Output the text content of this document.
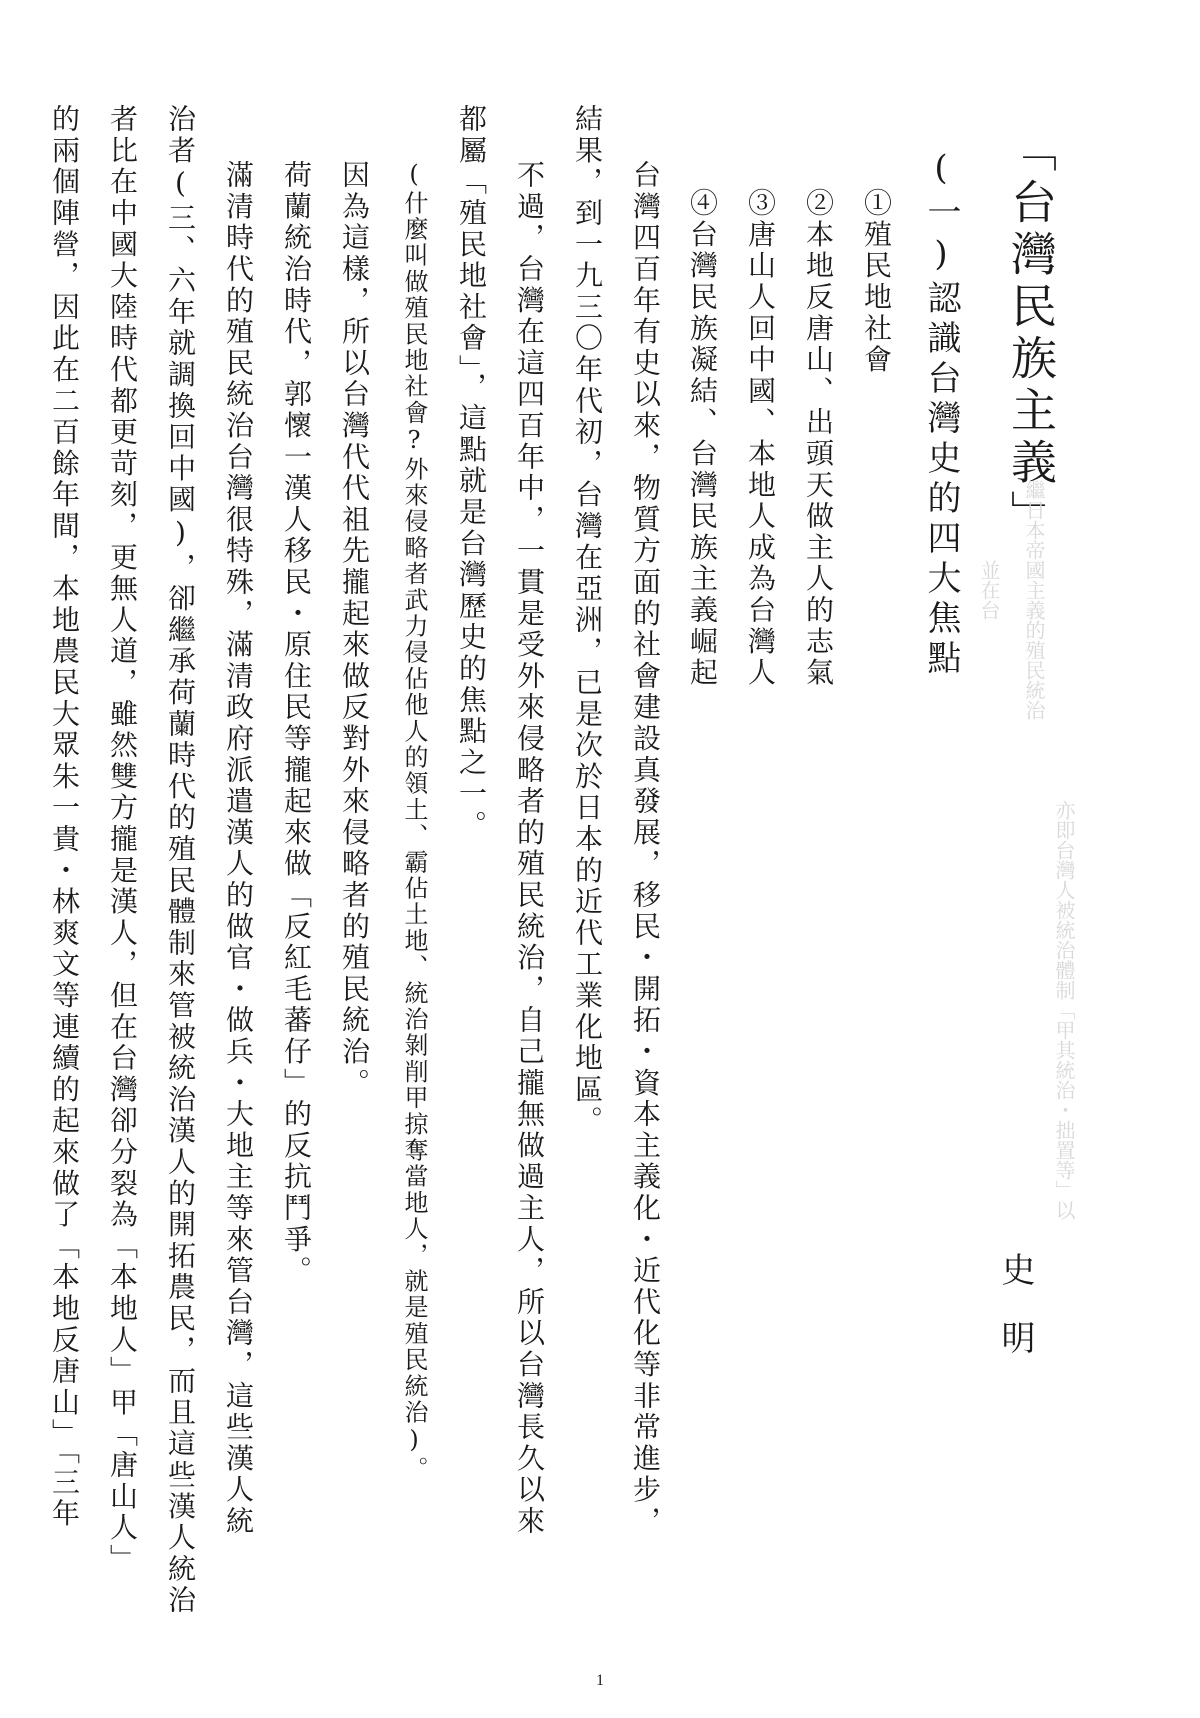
「台灣民族主義」
史　明
(一)認識台灣史的四大焦點
①殖民地社會
②本地反唐山、出頭天做主人的志氣
③唐山人回中國、本地人成為台灣人
④台灣民族凝結、台灣民族主義崛起
台灣四百年有史以來，物質方面的社會建設真發展，移民・開拓・資本主義化・近代化等非常進步，
結果，到一九三〇年代初，台灣在亞洲，已是次於日本的近代工業化地區。
不過，台灣在這四百年中，一貫是受外來侵略者的殖民統治，自己攏無做過主人，所以台灣長久以來
都屬「殖民地社會」，這點就是台灣歷史的焦點之一。
(什麼叫做殖民地社會?外來侵略者武力侵佔他人的領土、霸佔土地、統治剝削甲掠奪當地人，就是殖民統治)。
因為這樣，所以台灣代代祖先攏起來做反對外來侵略者的殖民統治。
荷蘭統治時代，郭懷一漢人移民・原住民等攏起來做「反紅毛蕃仔」的反抗鬥爭。
滿清時代的殖民統治台灣很特殊，滿清政府派遣漢人的做官・做兵・大地主等來管台灣，這些漢人統
治者(三、六年就調換回中國)，卻繼承荷蘭時代的殖民體制來管被統治漢人的開拓農民，而且這些漢人統治
者比在中國大陸時代都更苛刻，更無人道，雖然雙方攏是漢人，但在台灣卻分裂為「本地人」甲「唐山人」
的兩個陣營，因此在二百餘年間，本地農民大眾朱一貴・林爽文等連續的起來做了「本地反唐山」「三年	繼日本帝國主義的殖民統治
亦即台灣人被統治體制「甲其統治・拙置等」以
並在台
1
